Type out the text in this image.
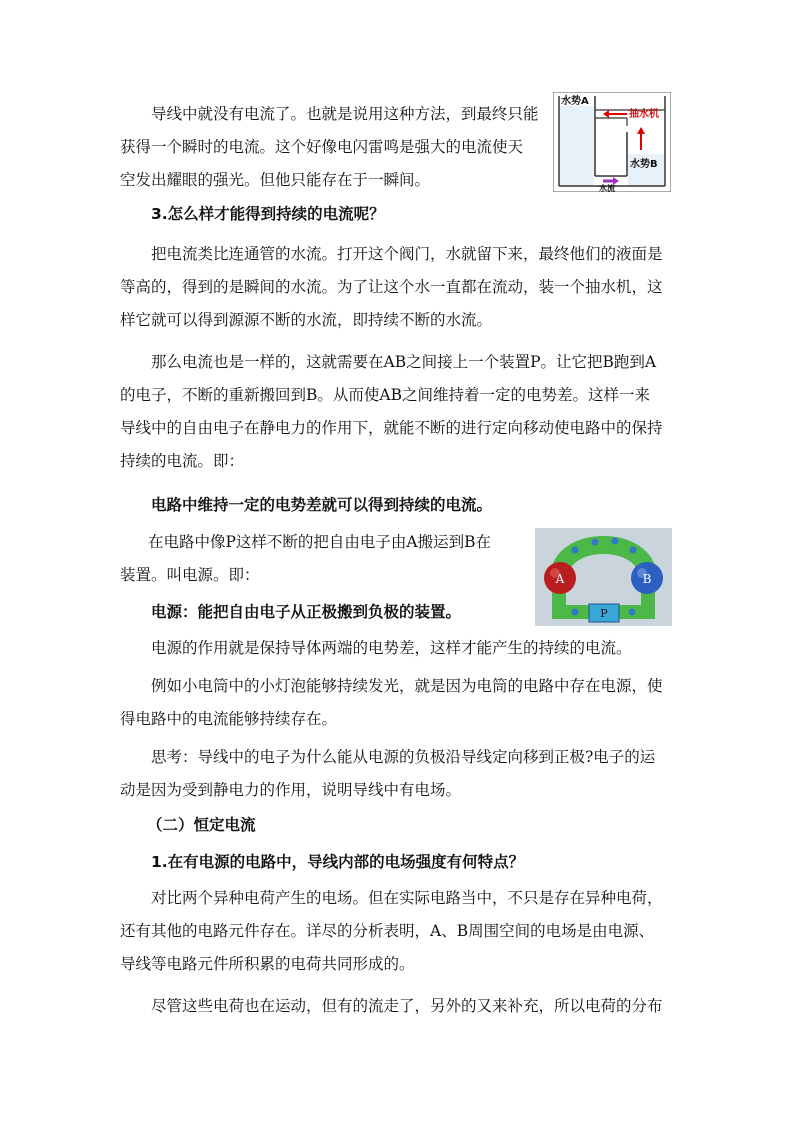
导线中就没有电流了。也就是说用这种方法，到最终只能
获得一个瞬时的电流。这个好像电闪雷鸣是强大的电流使天
空发出耀眼的强光。但他只能存在于一瞬间。
水势A
抽水机
水势B
水流
3.怎么样才能得到持续的电流呢？
把电流类比连通管的水流。打开这个阀门，水就留下来，最终他们的液面是
等高的，得到的是瞬间的水流。为了让这个水一直都在流动，装一个抽水机，这
样它就可以得到源源不断的水流，即持续不断的水流。
那么电流也是一样的，这就需要在AB之间接上一个装置P。让它把B跑到A
的电子，不断的重新搬回到B。从而使AB之间维持着一定的电势差。这样一来
导线中的自由电子在静电力的作用下，就能不断的进行定向移动使电路中的保持
持续的电流。即：
电路中维持一定的电势差就可以得到持续的电流。
在电路中像P这样不断的把自由电子由A搬运到B在
装置。叫电源。即：	A	B
P
电源：能把自由电子从正极搬到负极的装置。
电源的作用就是保持导体两端的电势差，这样才能产生的持续的电流。
例如小电筒中的小灯泡能够持续发光，就是因为电筒的电路中存在电源，使
得电路中的电流能够持续存在。
思考：导线中的电子为什么能从电源的负极沿导线定向移到正极?电子的运
动是因为受到静电力的作用，说明导线中有电场。
（二）恒定电流
1.在有电源的电路中，导线内部的电场强度有何特点？
对比两个异种电荷产生的电场。但在实际电路当中，不只是存在异种电荷，
还有其他的电路元件存在。详尽的分析表明，A、B周围空间的电场是由电源、
导线等电路元件所积累的电荷共同形成的。
尽管这些电荷也在运动，但有的流走了，另外的又来补充，所以电荷的分布
